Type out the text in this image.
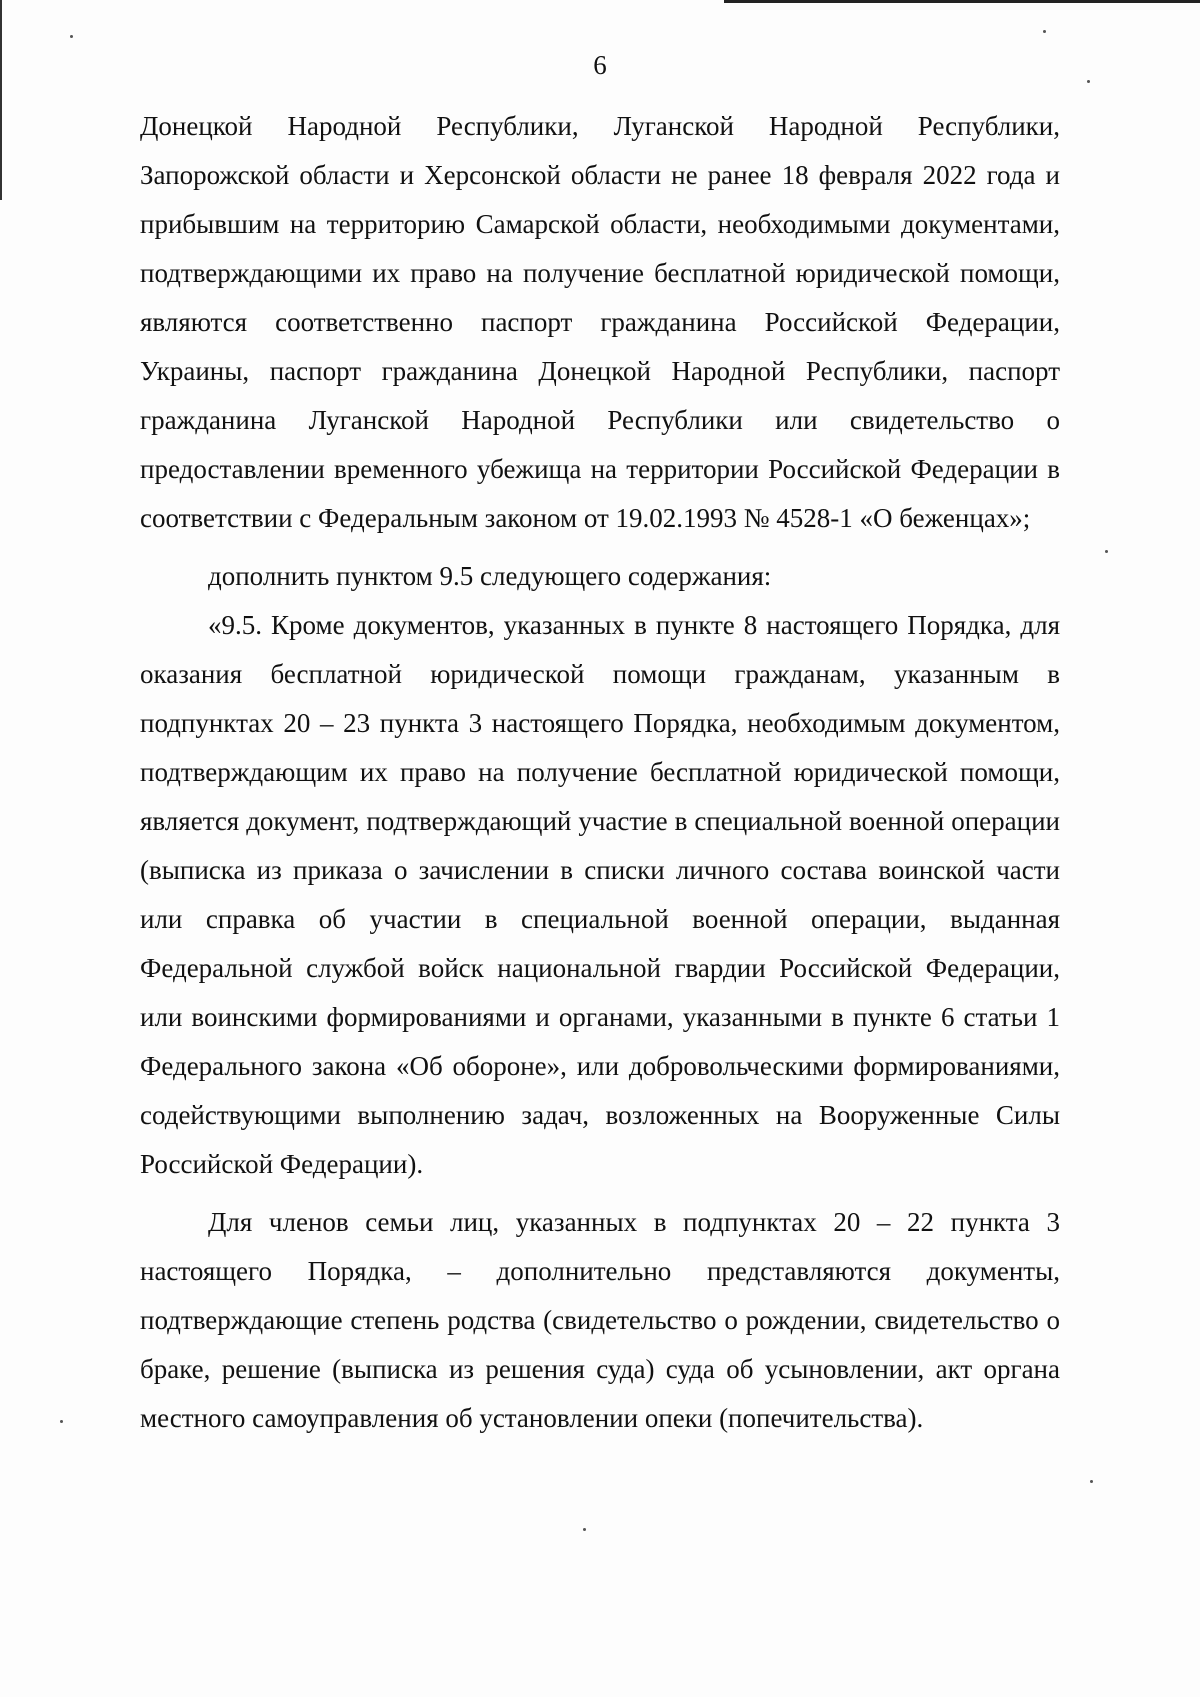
6

Донецкой Народной Республики, Луганской Народной Республики, Запорожской области и Херсонской области не ранее 18 февраля 2022 года и прибывшим на территорию Самарской области, необходимыми документами, подтверждающими их право на получение бесплатной юридической помощи, являются соответственно паспорт гражданина Российской Федерации, Украины, паспорт гражданина Донецкой Народной Республики, паспорт гражданина Луганской Народной Республики или свидетельство о предоставлении временного убежища на территории Российской Федерации в соответствии с Федеральным законом от 19.02.1993 № 4528-1 «О беженцах»;

дополнить пунктом 9.5 следующего содержания:

«9.5. Кроме документов, указанных в пункте 8 настоящего Порядка, для оказания бесплатной юридической помощи гражданам, указанным в подпунктах 20 – 23 пункта 3 настоящего Порядка, необходимым документом, подтверждающим их право на получение бесплатной юридической помощи, является документ, подтверждающий участие в специальной военной операции (выписка из приказа о зачислении в списки личного состава воинской части или справка об участии в специальной военной операции, выданная Федеральной службой войск национальной гвардии Российской Федерации, или воинскими формированиями и органами, указанными в пункте 6 статьи 1 Федерального закона «Об обороне», или добровольческими формированиями, содействующими выполнению задач, возложенных на Вооруженные Силы Российской Федерации).

Для членов семьи лиц, указанных в подпунктах 20 – 22 пункта 3 настоящего Порядка, – дополнительно представляются документы, подтверждающие степень родства (свидетельство о рождении, свидетельство о браке, решение (выписка из решения суда) суда об усыновлении, акт органа местного самоуправления об установлении опеки (попечительства).
